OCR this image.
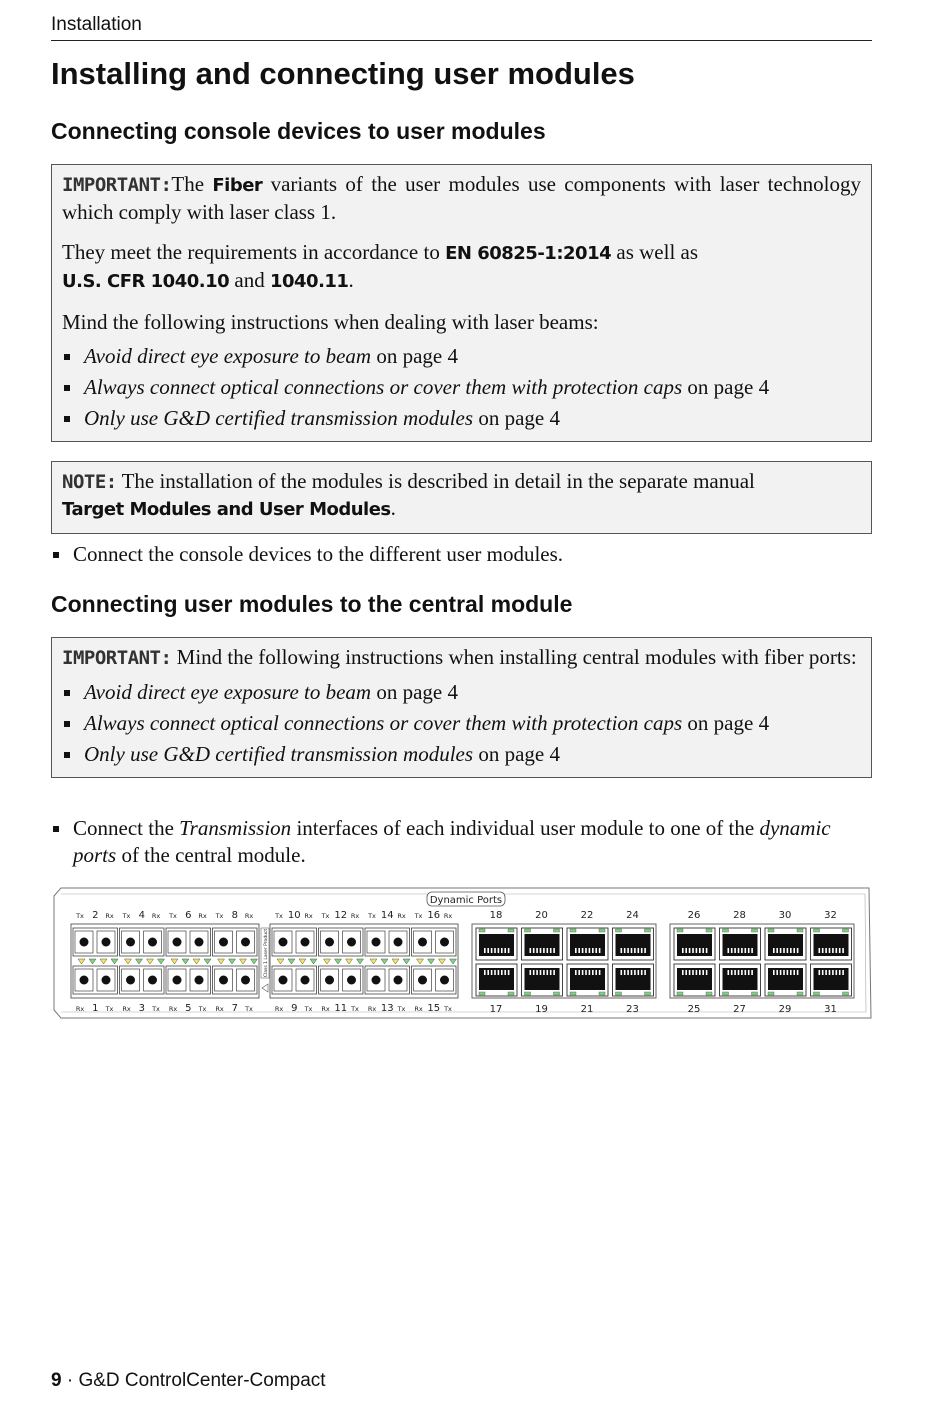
Installation
Installing and connecting user modules
Connecting console devices to user modules

IMPORTANT:The Fiber variants of the user modules use components with laser technology which comply with laser class 1.

They meet the requirements in accordance to EN 60825-1:2014 as well as
U.S. CFR 1040.10 and 1040.11.

Mind the following instructions when dealing with laser beams:

Avoid direct eye exposure to beam on page 4
Always connect optical connections or cover them with protection caps on page 4
Only use G&D certified transmission modules on page 4

NOTE: The installation of the modules is described in detail in the separate manual
Target Modules and User Modules.

Connect the console devices to the different user modules.
Connecting user modules to the central module

IMPORTANT: Mind the following instructions when installing central modules with fiber ports:

Avoid direct eye exposure to beam on page 4
Always connect optical connections or cover them with protection caps on page 4
Only use G&D certified transmission modules on page 4
Connect the Transmission interfaces of each individual user module to one of the dynamic ports of the central module.
Dynamic Ports
Tx 2 Rx
Rx 1 Tx
Tx 4 Rx
Rx 3 Tx
Tx 6 Rx
Rx 5 Tx
Tx 8 Rx
Rx 7 Tx
Class 1 Laser Product
Tx 10 Rx
Rx 9 Tx
Tx 12 Rx
Rx 11 Tx
Tx 14 Rx
Rx 13 Tx
Tx 16 Rx
Rx 15 Tx
18
17
20
19
22
21
24
23
26
25
28
27
30
29
32
31
9 · G&D ControlCenter-Compact
